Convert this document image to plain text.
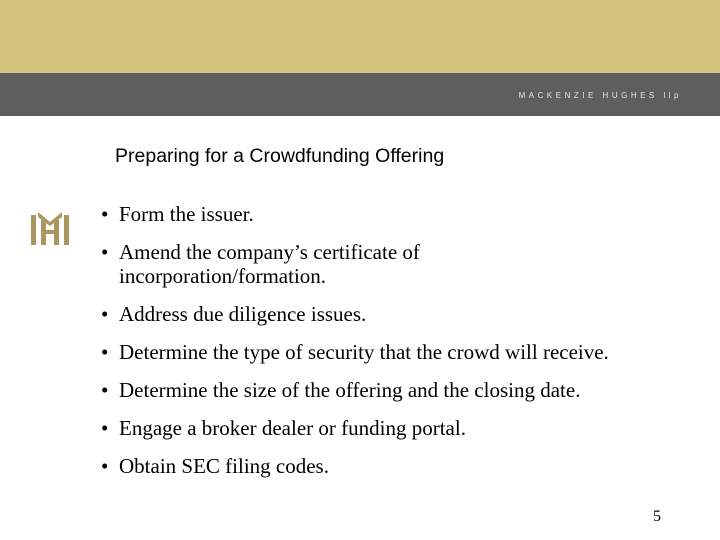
MACKENZIE HUGHES llp
Preparing for a Crowdfunding Offering
• Form the issuer.
• Amend the company’s certificate of incorporation/formation.
• Address due diligence issues.
• Determine the type of security that the crowd will receive.
• Determine the size of the offering and the closing date.
• Engage a broker dealer or funding portal.
• Obtain SEC filing codes.
5
